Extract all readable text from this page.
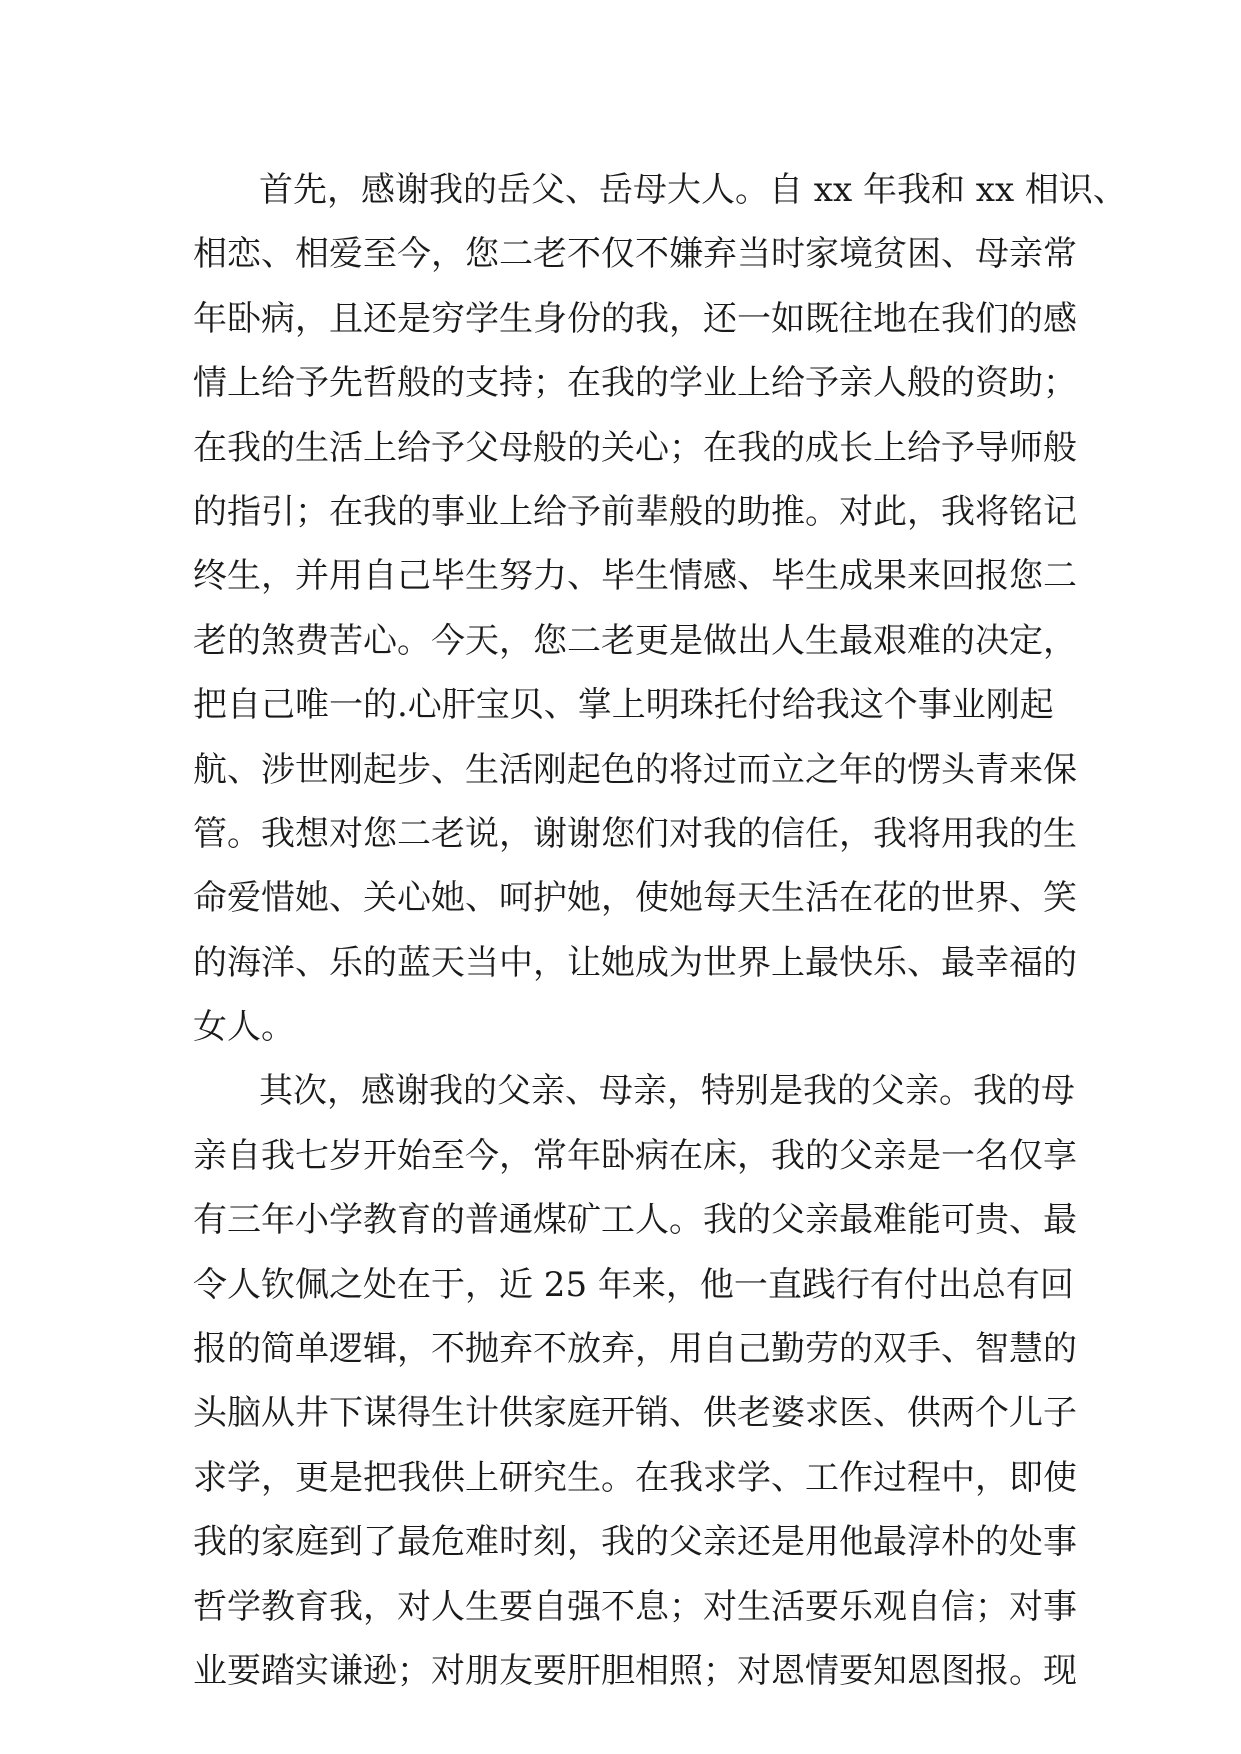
首先，感谢我的岳父、岳母大人。自 xx 年我和 xx 相识、
相恋、相爱至今，您二老不仅不嫌弃当时家境贫困、母亲常
年卧病，且还是穷学生身份的我，还一如既往地在我们的感
情上给予先哲般的支持；在我的学业上给予亲人般的资助；
在我的生活上给予父母般的关心；在我的成长上给予导师般
的指引；在我的事业上给予前辈般的助推。对此，我将铭记
终生，并用自己毕生努力、毕生情感、毕生成果来回报您二
老的煞费苦心。今天，您二老更是做出人生最艰难的决定，
把自己唯一的.心肝宝贝、掌上明珠托付给我这个事业刚起
航、涉世刚起步、生活刚起色的将过而立之年的愣头青来保
管。我想对您二老说，谢谢您们对我的信任，我将用我的生
命爱惜她、关心她、呵护她，使她每天生活在花的世界、笑
的海洋、乐的蓝天当中，让她成为世界上最快乐、最幸福的
女人。

其次，感谢我的父亲、母亲，特别是我的父亲。我的母
亲自我七岁开始至今，常年卧病在床，我的父亲是一名仅享
有三年小学教育的普通煤矿工人。我的父亲最难能可贵、最
令人钦佩之处在于，近 25 年来，他一直践行有付出总有回
报的简单逻辑，不抛弃不放弃，用自己勤劳的双手、智慧的
头脑从井下谋得生计供家庭开销、供老婆求医、供两个儿子
求学，更是把我供上研究生。在我求学、工作过程中，即使
我的家庭到了最危难时刻，我的父亲还是用他最淳朴的处事
哲学教育我，对人生要自强不息；对生活要乐观自信；对事
业要踏实谦逊；对朋友要肝胆相照；对恩情要知恩图报。现
